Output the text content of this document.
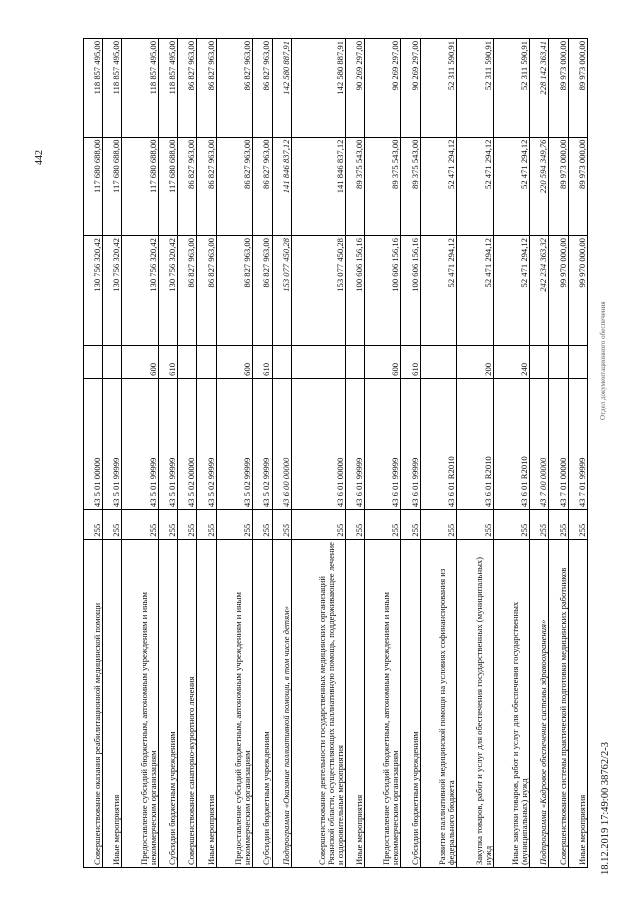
442
Совершенствование оказания реабилитационной медицинской помощи	255	43 5 01 00000		130 756 320,42	117 680 688,00	118 857 495,00
Иные мероприятия	255	43 5 01 99999		130 756 320,42	117 680 688,00	118 857 495,00
Предоставление субсидий бюджетным, автономным учреждениям и иным некоммерческим организациям	255	43 5 01 99999	600	130 756 320,42	117 680 688,00	118 857 495,00
Субсидии бюджетным учреждениям	255	43 5 01 99999	610	130 756 320,42	117 680 688,00	118 857 495,00
Совершенствование санаторно-курортного лечения	255	43 5 02 00000		86 827 963,00	86 827 963,00	86 827 963,00
Иные мероприятия	255	43 5 02 99999		86 827 963,00	86 827 963,00	86 827 963,00
Предоставление субсидий бюджетным, автономным учреждениям и иным некоммерческим организациям	255	43 5 02 99999	600	86 827 963,00	86 827 963,00	86 827 963,00
Субсидии бюджетным учреждениям	255	43 5 02 99999	610	86 827 963,00	86 827 963,00	86 827 963,00
Подпрограмма «Оказание паллиативной помощи, в том числе детям»	255	43 6 00 00000		153 077 450,28	141 846 837,12	142 580 887,91
Совершенствование деятельности государственных медицинских организаций Рязанской области, осуществляющих паллиативную помощь, поддерживающее лечение и оздоровительные мероприятия	255	43 6 01 00000		153 077 450,28	141 846 837,12	142 580 887,91
Иные мероприятия	255	43 6 01 99999		100 606 156,16	89 375 543,00	90 269 297,00
Предоставление субсидий бюджетным, автономным учреждениям и иным некоммерческим организациям	255	43 6 01 99999	600	100 606 156,16	89 375 543,00	90 269 297,00
Субсидии бюджетным учреждениям	255	43 6 01 99999	610	100 606 156,16	89 375 543,00	90 269 297,00
Развитие паллиативной медицинской помощи на условиях софинансирования из федерального бюджета	255	43 6 01 R2010		52 471 294,12	52 471 294,12	52 311 590,91
Закупка товаров, работ и услуг для обеспечения государственных (муниципальных) нужд	255	43 6 01 R2010	200	52 471 294,12	52 471 294,12	52 311 590,91
Иные закупки товаров, работ и услуг для обеспечения государственных (муниципальных) нужд	255	43 6 01 R2010	240	52 471 294,12	52 471 294,12	52 311 590,91
Подпрограмма «Кадровое обеспечение системы здравоохранения»	255	43 7 00 00000		242 234 363,32	220 594 349,76	228 142 363,41
Совершенствование системы практической подготовки медицинских работников	255	43 7 01 00000		99 970 000,00	89 973 000,00	89 973 000,00
Иные мероприятия	255	43 7 01 99999		99 970 000,00	89 973 000,00	89 973 000,00
18.12.2019 17:49:00 38762/2-3
Отдел документационного обеспечения
